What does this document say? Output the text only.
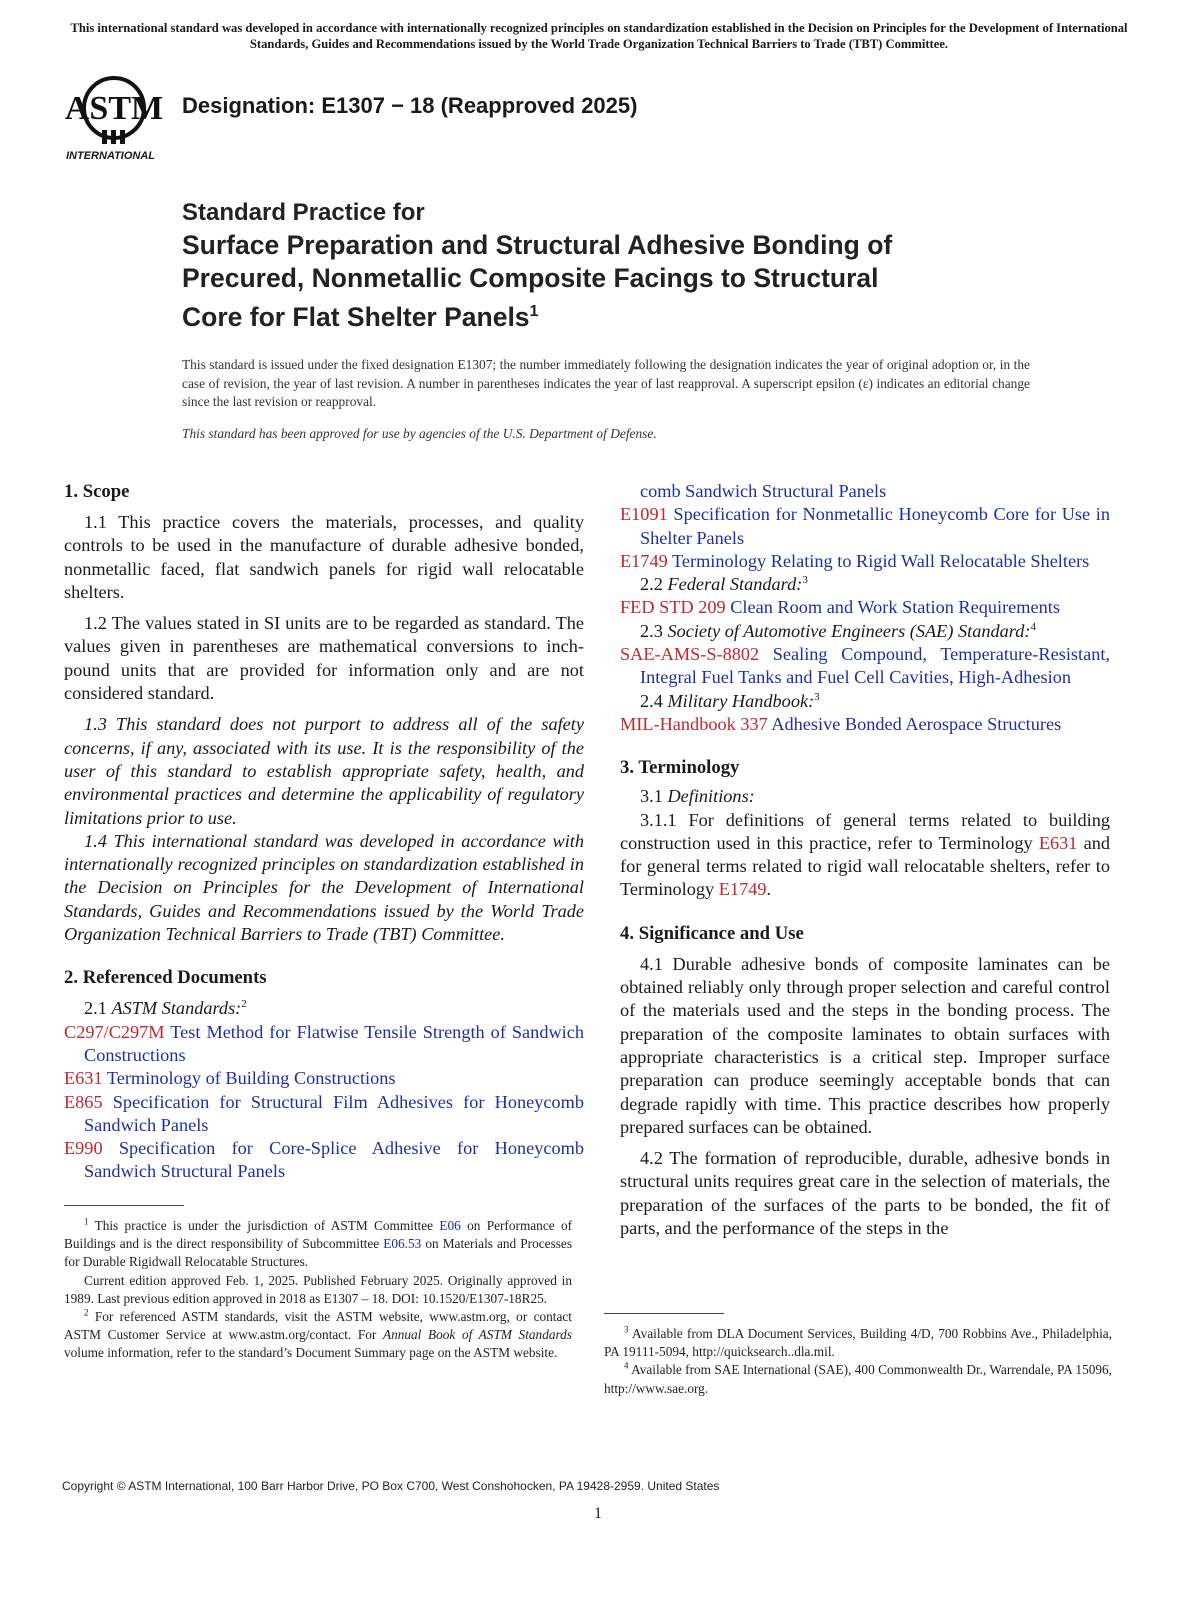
This international standard was developed in accordance with internationally recognized principles on standardization established in the Decision on Principles for the Development of International Standards, Guides and Recommendations issued by the World Trade Organization Technical Barriers to Trade (TBT) Committee.
ASTM
INTERNATIONAL
Designation: E1307 − 18 (Reapproved 2025)
Standard Practice for
Surface Preparation and Structural Adhesive Bonding of
Precured, Nonmetallic Composite Facings to Structural
Core for Flat Shelter Panels$^1$
This standard is issued under the fixed designation E1307; the number immediately following the designation indicates the year of original adoption or, in the case of revision, the year of last revision. A number in parentheses indicates the year of last reapproval. A superscript epsilon (ε) indicates an editorial change since the last revision or reapproval.
This standard has been approved for use by agencies of the U.S. Department of Defense.
1. Scope

1.1 This practice covers the materials, processes, and quality controls to be used in the manufacture of durable adhesive bonded, nonmetallic faced, flat sandwich panels for rigid wall relocatable shelters.

1.2 The values stated in SI units are to be regarded as standard. The values given in parentheses are mathematical conversions to inch-pound units that are provided for information only and are not considered standard.

1.3 This standard does not purport to address all of the safety concerns, if any, associated with its use. It is the responsibility of the user of this standard to establish appropriate safety, health, and environmental practices and determine the applicability of regulatory limitations prior to use.

1.4 This international standard was developed in accordance with internationally recognized principles on standardization established in the Decision on Principles for the Development of International Standards, Guides and Recommendations issued by the World Trade Organization Technical Barriers to Trade (TBT) Committee.

2. Referenced Documents
2.1 ASTM Standards:$^2$
C297/C297M Test Method for Flatwise Tensile Strength of Sandwich Constructions
E631 Terminology of Building Constructions
E865 Specification for Structural Film Adhesives for Honeycomb Sandwich Panels
E990 Specification for Core-Splice Adhesive for Honeycomb Sandwich Structural Panels

$^1$ This practice is under the jurisdiction of ASTM Committee E06 on Performance of Buildings and is the direct responsibility of Subcommittee E06.53 on Materials and Processes for Durable Rigidwall Relocatable Structures.

Current edition approved Feb. 1, 2025. Published February 2025. Originally approved in 1989. Last previous edition approved in 2018 as E1307 – 18. DOI: 10.1520/E1307-18R25.

$^2$ For referenced ASTM standards, visit the ASTM website, www.astm.org, or contact ASTM Customer Service at www.astm.org/contact. For Annual Book of ASTM Standards volume information, refer to the standard’s Document Summary page on the ASTM website.

comb Sandwich Structural Panels
E1091 Specification for Nonmetallic Honeycomb Core for Use in Shelter Panels
E1749 Terminology Relating to Rigid Wall Relocatable Shelters
2.2 Federal Standard:$^3$
FED STD 209 Clean Room and Work Station Requirements
2.3 Society of Automotive Engineers (SAE) Standard:$^4$
SAE-AMS-S-8802 Sealing Compound, Temperature-Resistant, Integral Fuel Tanks and Fuel Cell Cavities, High-Adhesion
2.4 Military Handbook:$^3$
MIL-Handbook 337 Adhesive Bonded Aerospace Structures
3. Terminology
3.1 Definitions:

3.1.1 For definitions of general terms related to building construction used in this practice, refer to Terminology E631 and for general terms related to rigid wall relocatable shelters, refer to Terminology E1749.

4. Significance and Use

4.1 Durable adhesive bonds of composite laminates can be obtained reliably only through proper selection and careful control of the materials used and the steps in the bonding process. The preparation of the composite laminates to obtain surfaces with appropriate characteristics is a critical step. Improper surface preparation can produce seemingly acceptable bonds that can degrade rapidly with time. This practice describes how properly prepared surfaces can be obtained.

4.2 The formation of reproducible, durable, adhesive bonds in structural units requires great care in the selection of materials, the preparation of the surfaces of the parts to be bonded, the fit of parts, and the performance of the steps in the

$^3$ Available from DLA Document Services, Building 4/D, 700 Robbins Ave., Philadelphia, PA 19111-5094, http://quicksearch..dla.mil.

$^4$ Available from SAE International (SAE), 400 Commonwealth Dr., Warrendale, PA 15096, http://www.sae.org.

Copyright © ASTM International, 100 Barr Harbor Drive, PO Box C700, West Conshohocken, PA 19428-2959. United States
1
